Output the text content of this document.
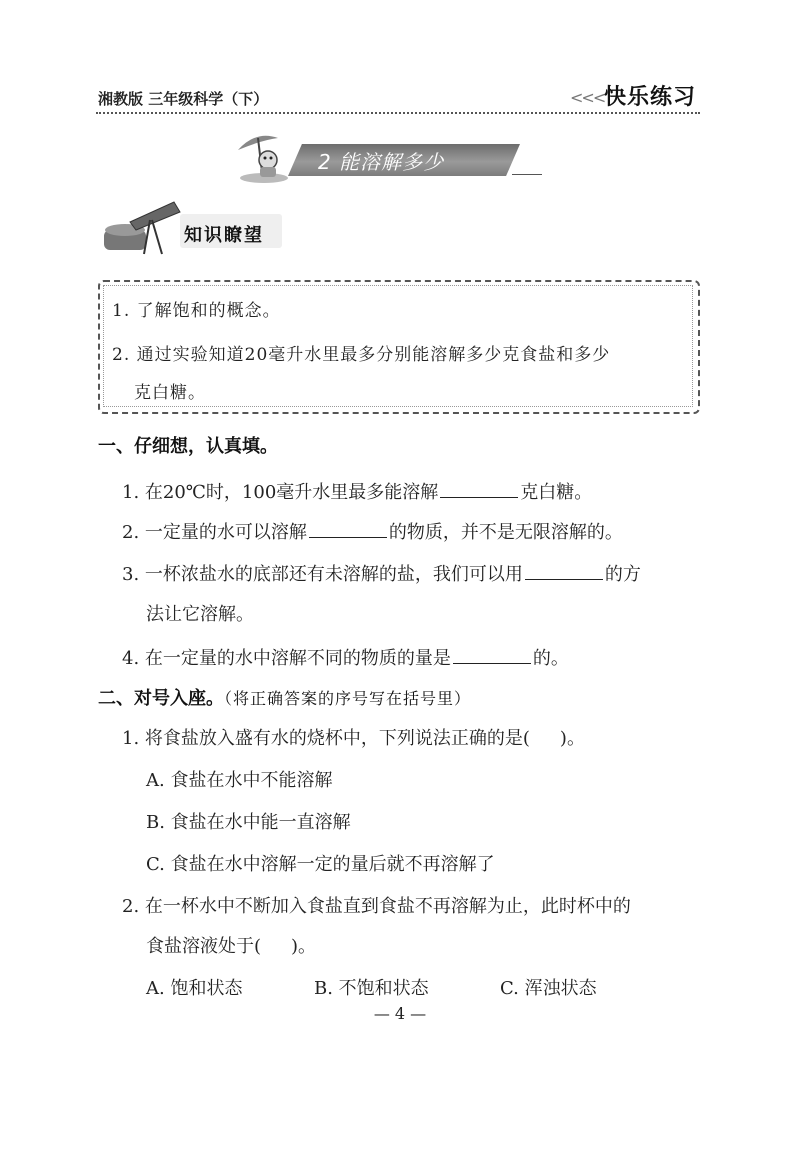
湘教版 三年级科学（下）	<<< 快乐练习
2 能溶解多少
知识瞭望
1. 了解饱和的概念。
2. 通过实验知道20毫升水里最多分别能溶解多少克食盐和多少
克白糖。
一、仔细想，认真填。
1. 在20℃时，100毫升水里最多能溶解	克白糖。
2. 一定量的水可以溶解	的物质，并不是无限溶解的。
3. 一杯浓盐水的底部还有未溶解的盐，我们可以用	的方
法让它溶解。
4. 在一定量的水中溶解不同的物质的量是	的。
二、对号入座。（将正确答案的序号写在括号里）
1. 将食盐放入盛有水的烧杯中，下列说法正确的是( )。
A. 食盐在水中不能溶解
B. 食盐在水中能一直溶解
C. 食盐在水中溶解一定的量后就不再溶解了
2. 在一杯水中不断加入食盐直到食盐不再溶解为止，此时杯中的
食盐溶液处于( )。
A. 饱和状态	B. 不饱和状态	C. 浑浊状态
— 4 —
